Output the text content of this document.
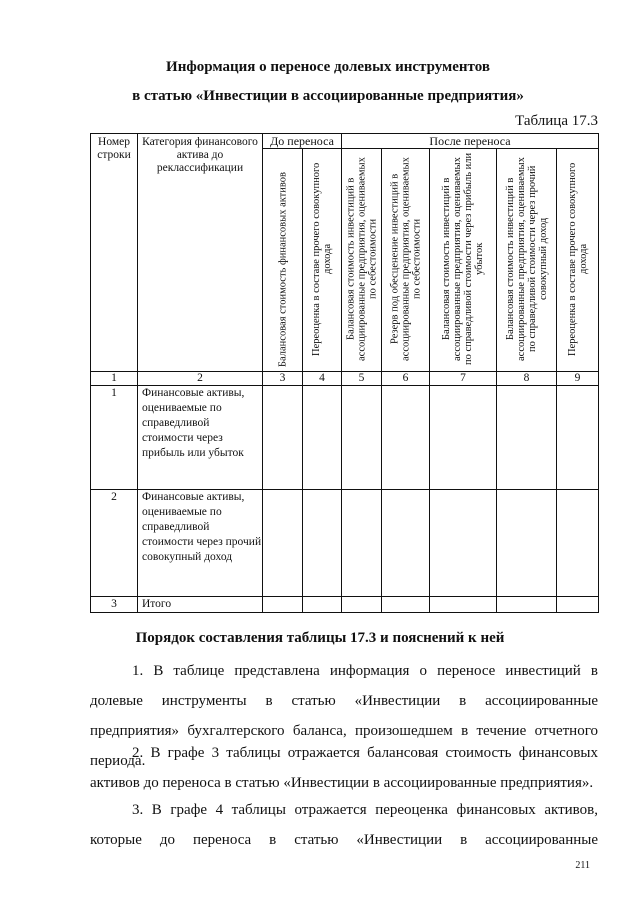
Информация о переносе долевых инструментов
в статью «Инвестиции в ассоциированные предприятия»
Таблица 17.3
Номер строки	Категория финансового актива до реклассификации	До переноса		После переноса				

		Балансовая стоимость финансовых активов	Переоценка в составе прочего совокупного дохода	Балансовая стоимость инвестиций в ассоциированные предприятия, оцениваемых по себестоимости	Резерв под обесценение инвестиций в ассоциированные предприятия, оцениваемых по себестоимости	Балансовая стоимость инвестиций в ассоциированные предприятия, оцениваемых по справедливой стоимости через прибыль или убыток	Балансовая стоимость инвестиций в ассоциированные предприятия, оцениваемых по справедливой стоимости через прочий совокупный доход	Переоценка в составе прочего совокупного дохода

1	2	3	4	5	6	7	8	9
1	Финансовые активы, оцениваемые по справедливой стоимости через прибыль или убыток							
2	Финансовые активы, оцениваемые по справедливой стоимости через прочий совокупный доход							
3	Итого							
Порядок составления таблицы 17.3 и пояснений к ней
1. В таблице представлена информация о переносе инвестиций в долевые инструменты в статью «Инвестиции в ассоциированные предприятия» бухгалтерского баланса, произошедшем в течение отчетного периода.
2. В графе 3 таблицы отражается балансовая стоимость финансовых активов до переноса в статью «Инвестиции в ассоциированные предприятия».
3. В графе 4 таблицы отражается переоценка финансовых активов, которые до переноса в статью «Инвестиции в ассоциированные
211
